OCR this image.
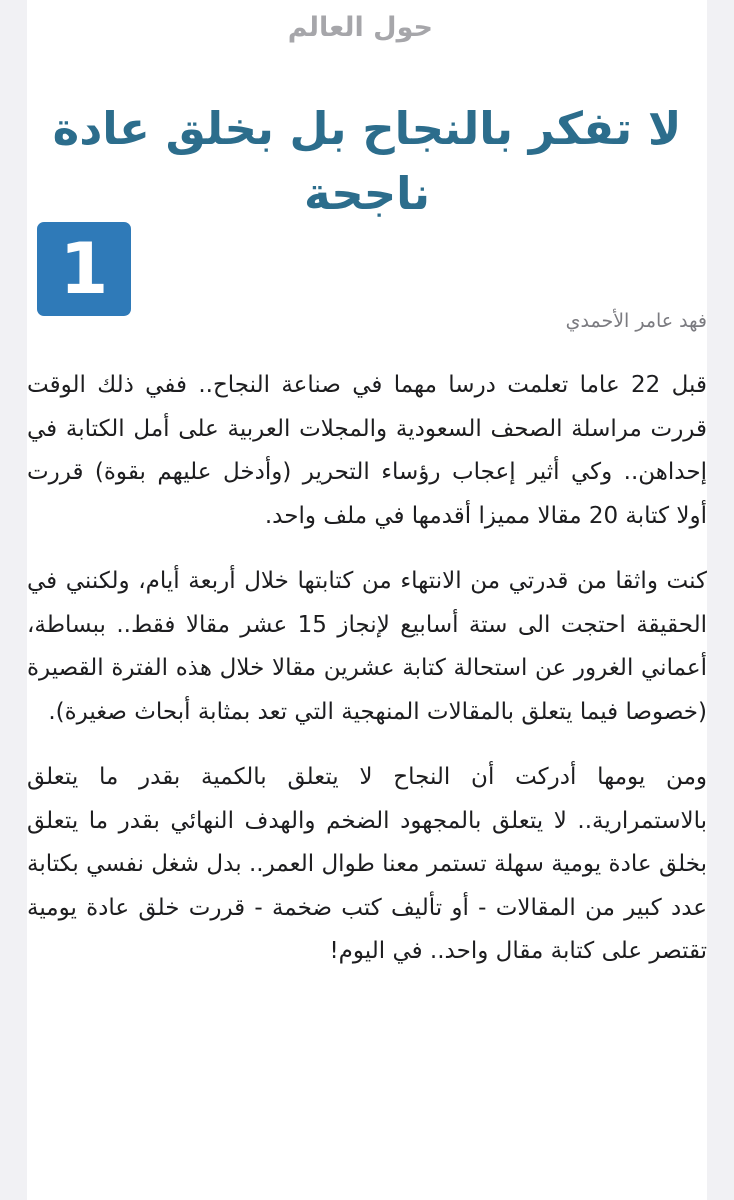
حول العالم
لا تفكر بالنجاح بل بخلق عادة ناجحة
1
فهد عامر الأحمدي

قبل 22 عاما تعلمت درسا مهما في صناعة النجاح.. ففي ذلك الوقت قررت مراسلة الصحف السعودية والمجلات العربية على أمل الكتابة في إحداهن.. وكي أثير إعجاب رؤساء التحرير (وأدخل عليهم بقوة) قررت أولا كتابة 20 مقالا مميزا أقدمها في ملف واحد.

كنت واثقا من قدرتي من الانتهاء من كتابتها خلال أربعة أيام، ولكنني في الحقيقة احتجت الى ستة أسابيع لإنجاز 15 عشر مقالا فقط.. ببساطة، أعماني الغرور عن استحالة كتابة عشرين مقالا خلال هذه الفترة القصيرة (خصوصا فيما يتعلق بالمقالات المنهجية التي تعد بمثابة أبحاث صغيرة).

ومن يومها أدركت أن النجاح لا يتعلق بالكمية بقدر ما يتعلق بالاستمرارية.. لا يتعلق بالمجهود الضخم والهدف النهائي بقدر ما يتعلق بخلق عادة يومية سهلة تستمر معنا طوال العمر.. بدل شغل نفسي بكتابة عدد كبير من المقالات - أو تأليف كتب ضخمة - قررت خلق عادة يومية تقتصر على كتابة مقال واحد.. في اليوم!
